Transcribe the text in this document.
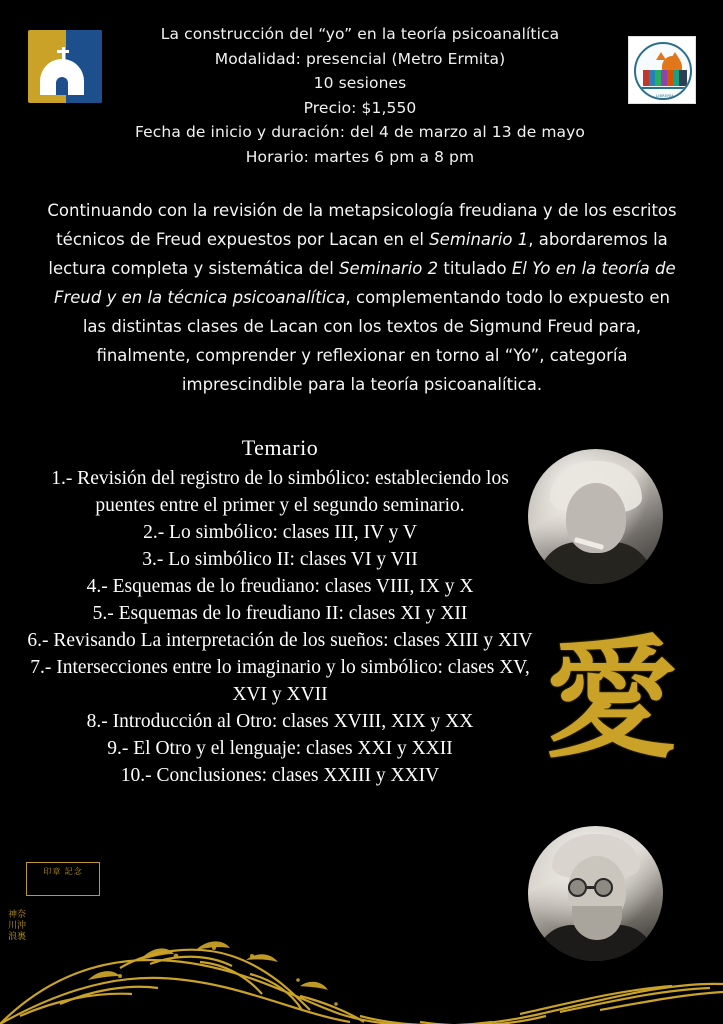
La construcción del “yo” en la teoría psicoanalítica
Modalidad: presencial (Metro Ermita)
10 sesiones
Precio: $1,550
Fecha de inicio y duración: del 4 de marzo al 13 de mayo
Horario: martes 6 pm a 8 pm
LIBRERÍA
Continuando con la revisión de la metapsicología freudiana y de los escritos técnicos de Freud expuestos por Lacan en el Seminario 1, abordaremos la lectura completa y sistemática del Seminario 2 titulado El Yo en la teoría de Freud y en la técnica psicoanalítica, complementando todo lo expuesto en las distintas clases de Lacan con los textos de Sigmund Freud para, finalmente, comprender y reflexionar en torno al “Yo”, categoría imprescindible para la teoría psicoanalítica.
Temario

1.- Revisión del registro de lo simbólico: estableciendo los puentes entre el primer y el segundo seminario.

2.- Lo simbólico: clases III, IV y V

3.- Lo simbólico II: clases VI y VII

4.- Esquemas de lo freudiano: clases VIII, IX y X

5.- Esquemas de lo freudiano II: clases XI y XII

6.- Revisando La interpretación de los sueños: clases XIII y XIV

7.- Intersecciones entre lo imaginario y lo simbólico: clases XV, XVI y XVII

8.- Introducción al Otro: clases XVIII, XIX y XX

9.- El Otro y el lenguaje: clases XXI y XXII

10.- Conclusiones: clases XXIII y XXIV 愛
印章 記念
神奈川沖浪裏
